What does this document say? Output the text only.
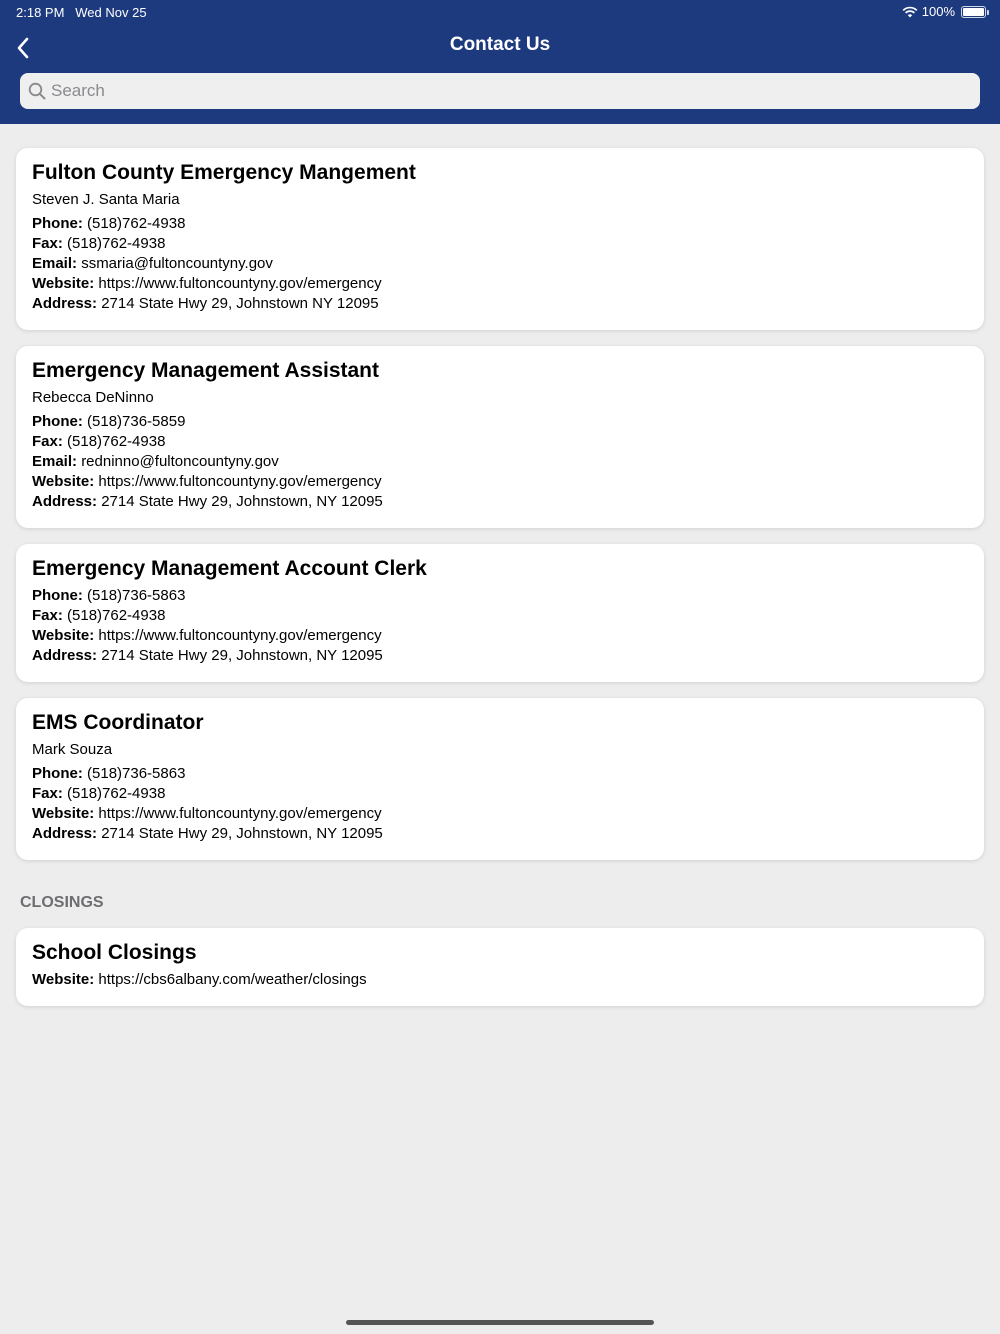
2:18 PM Wed Nov 25	100%
Contact Us
Search
Fulton County Emergency Mangement
Steven J. Santa Maria
Phone: (518)762-4938
Fax: (518)762-4938
Email: ssmaria@fultoncountyny.gov
Website: https://www.fultoncountyny.gov/emergency
Address: 2714 State Hwy 29, Johnstown NY 12095
Emergency Management Assistant
Rebecca DeNinno
Phone: (518)736-5859
Fax: (518)762-4938
Email: redninno@fultoncountyny.gov
Website: https://www.fultoncountyny.gov/emergency
Address: 2714 State Hwy 29, Johnstown, NY 12095
Emergency Management Account Clerk
Phone: (518)736-5863
Fax: (518)762-4938
Website: https://www.fultoncountyny.gov/emergency
Address: 2714 State Hwy 29, Johnstown, NY 12095
EMS Coordinator
Mark Souza
Phone: (518)736-5863
Fax: (518)762-4938
Website: https://www.fultoncountyny.gov/emergency
Address: 2714 State Hwy 29, Johnstown, NY 12095
CLOSINGS
School Closings
Website: https://cbs6albany.com/weather/closings
